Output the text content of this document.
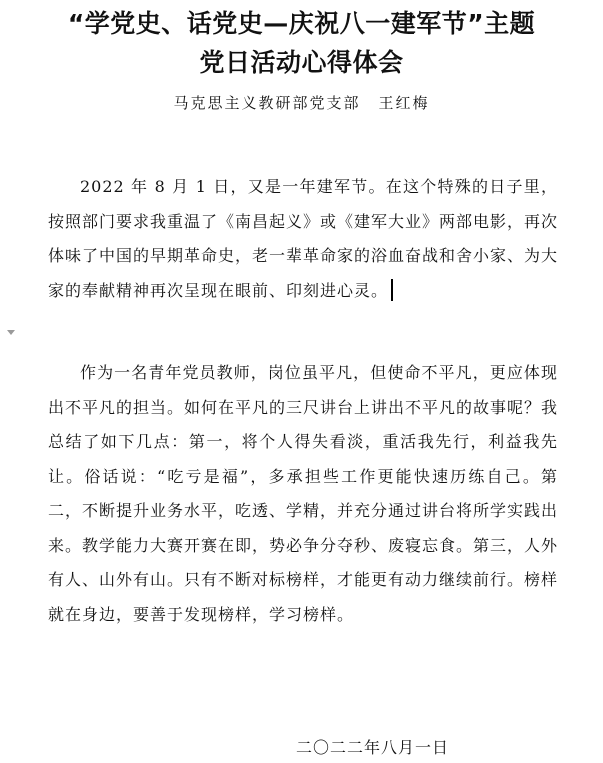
“学党史、话党史—庆祝八一建军节”主题
党日活动心得体会
马克思主义教研部党支部 王红梅
2022 年 8 月 1 日，又是一年建军节。在这个特殊的日子里，按照部门要求我重温了《南昌起义》或《建军大业》两部电影，再次体味了中国的早期革命史，老一辈革命家的浴血奋战和舍小家、为大家的奉献精神再次呈现在眼前、印刻进心灵。
作为一名青年党员教师，岗位虽平凡，但使命不平凡，更应体现出不平凡的担当。如何在平凡的三尺讲台上讲出不平凡的故事呢？我总结了如下几点：第一，将个人得失看淡，重活我先行，利益我先让。俗话说：“吃亏是福”，多承担些工作更能快速历练自己。第二，不断提升业务水平，吃透、学精，并充分通过讲台将所学实践出来。教学能力大赛开赛在即，势必争分夺秒、废寝忘食。第三，人外有人、山外有山。只有不断对标榜样，才能更有动力继续前行。榜样就在身边，要善于发现榜样，学习榜样。
二〇二二年八月一日
